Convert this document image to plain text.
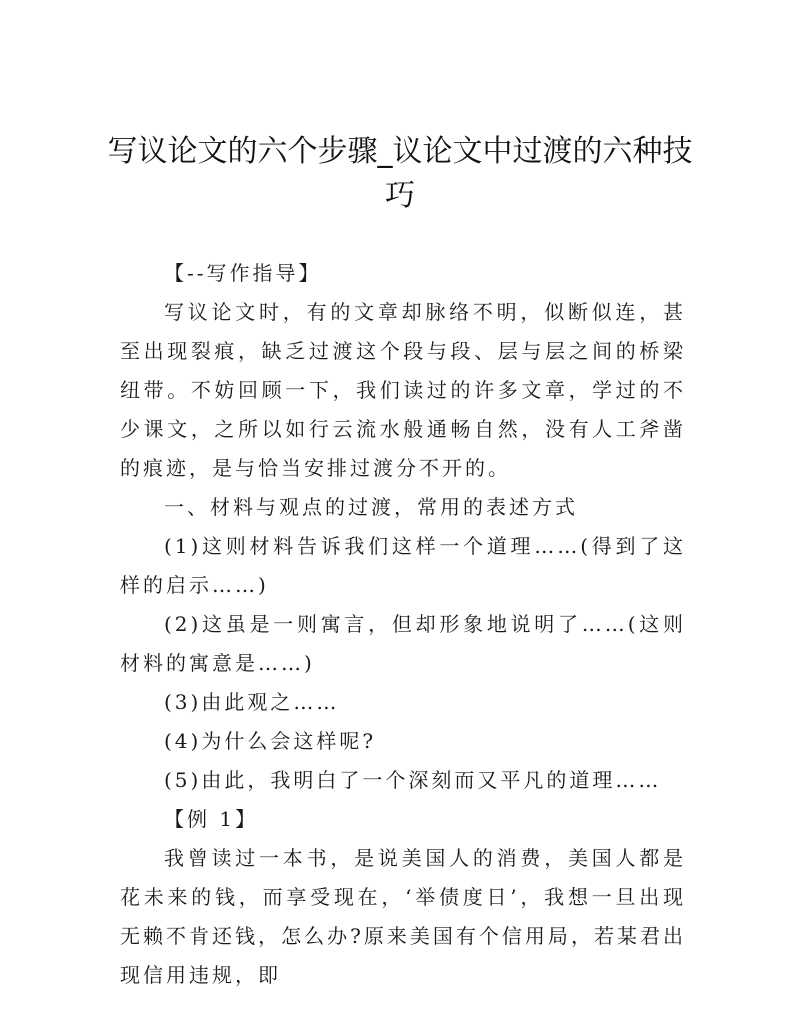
写议论文的六个步骤_议论文中过渡的六种技巧

【--写作指导】

写议论文时，有的文章却脉络不明，似断似连，甚至出现裂痕，缺乏过渡这个段与段、层与层之间的桥梁纽带。不妨回顾一下，我们读过的许多文章，学过的不少课文，之所以如行云流水般通畅自然，没有人工斧凿的痕迹，是与恰当安排过渡分不开的。

一、材料与观点的过渡，常用的表述方式

(1)这则材料告诉我们这样一个道理……(得到了这样的启示……)

(2)这虽是一则寓言，但却形象地说明了……(这则材料的寓意是……)

(3)由此观之……

(4)为什么会这样呢?

(5)由此，我明白了一个深刻而又平凡的道理……

【例 1】

我曾读过一本书，是说美国人的消费，美国人都是花未来的钱，而享受现在，‘举债度日’，我想一旦出现无赖不肯还钱，怎么办?原来美国有个信用局，若某君出现信用违规，即
